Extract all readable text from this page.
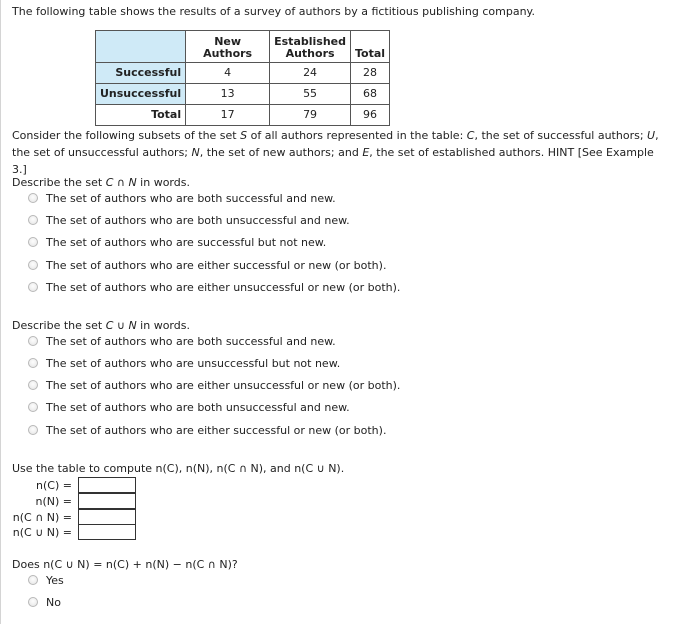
The following table shows the results of a survey of authors by a fictitious publishing company.
	New Authors	Established Authors	Total
Successful	4	24	28
Unsuccessful	13	55	68
Total	17	79	96
Consider the following subsets of the set S of all authors represented in the table: C, the set of successful authors; U, the set of unsuccessful authors; N, the set of new authors; and E, the set of established authors. HINT [See Example 3.]
Describe the set C ∩ N in words.
The set of authors who are both successful and new.
The set of authors who are both unsuccessful and new.
The set of authors who are successful but not new.
The set of authors who are either successful or new (or both).
The set of authors who are either unsuccessful or new (or both).
Describe the set C ∪ N in words.
The set of authors who are both successful and new.
The set of authors who are unsuccessful but not new.
The set of authors who are either unsuccessful or new (or both).
The set of authors who are both unsuccessful and new.
The set of authors who are either successful or new (or both).
Use the table to compute n(C), n(N), n(C ∩ N), and n(C ∪ N).
n(C) =
n(N) =
n(C ∩ N) =
n(C ∪ N) =
Does n(C ∪ N) = n(C) + n(N) − n(C ∩ N)?
Yes
No
